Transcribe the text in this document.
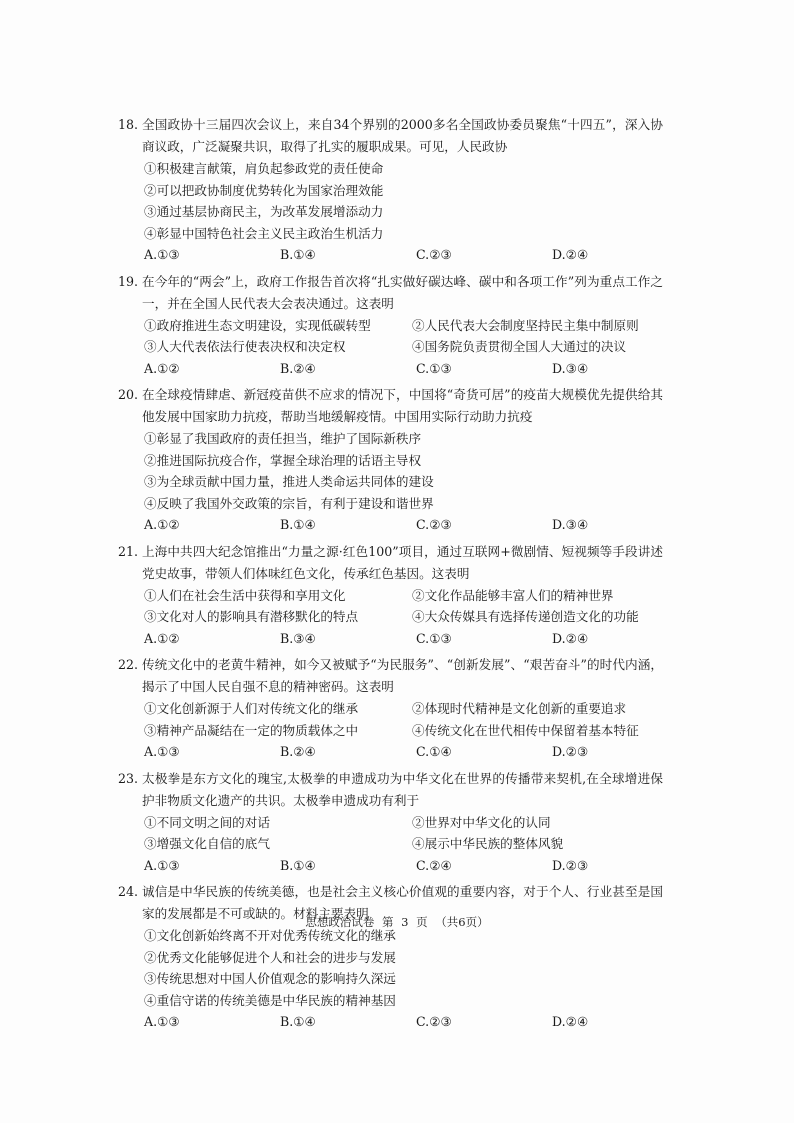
18. 全国政协十三届四次会议上，来自34个界别的2000多名全国政协委员聚焦“十四五”，深入协商议政，广泛凝聚共识，取得了扎实的履职成果。可见，人民政协
①积极建言献策，肩负起参政党的责任使命
②可以把政协制度优势转化为国家治理效能
③通过基层协商民主，为改革发展增添动力
④彰显中国特色社会主义民主政治生机活力
A.①③	B.①④	C.②③	D.②④
19. 在今年的“两会”上，政府工作报告首次将“扎实做好碳达峰、碳中和各项工作”列为重点工作之一，并在全国人民代表大会表决通过。这表明
①政府推进生态文明建设，实现低碳转型	②人民代表大会制度坚持民主集中制原则
③人大代表依法行使表决权和决定权	④国务院负责贯彻全国人大通过的决议
A.①②	B.②④	C.①③	D.③④
20. 在全球疫情肆虐、新冠疫苗供不应求的情况下，中国将“奇货可居”的疫苗大规模优先提供给其他发展中国家助力抗疫，帮助当地缓解疫情。中国用实际行动助力抗疫
①彰显了我国政府的责任担当，维护了国际新秩序
②推进国际抗疫合作，掌握全球治理的话语主导权
③为全球贡献中国力量，推进人类命运共同体的建设
④反映了我国外交政策的宗旨，有利于建设和谐世界
A.①②	B.①④	C.②③	D.③④
21. 上海中共四大纪念馆推出“力量之源·红色100”项目，通过互联网+微剧情、短视频等手段讲述党史故事，带领人们体味红色文化，传承红色基因。这表明
①人们在社会生活中获得和享用文化	②文化作品能够丰富人们的精神世界
③文化对人的影响具有潜移默化的特点	④大众传媒具有选择传递创造文化的功能
A.①②	B.③④	C.①③	D.②④
22. 传统文化中的老黄牛精神，如今又被赋予“为民服务”、“创新发展”、“艰苦奋斗”的时代内涵，揭示了中国人民自强不息的精神密码。这表明
①文化创新源于人们对传统文化的继承	②体现时代精神是文化创新的重要追求
③精神产品凝结在一定的物质载体之中	④传统文化在世代相传中保留着基本特征
A.①③	B.②④	C.①④	D.②③
23. 太极拳是东方文化的瑰宝,太极拳的申遗成功为中华文化在世界的传播带来契机,在全球增进保护非物质文化遗产的共识。太极拳申遗成功有利于
①不同文明之间的对话	②世界对中华文化的认同
③增强文化自信的底气	④展示中华民族的整体风貌
A.①③	B.①④	C.②④	D.②③
24. 诚信是中华民族的传统美德，也是社会主义核心价值观的重要内容，对于个人、行业甚至是国家的发展都是不可或缺的。材料主要表明
①文化创新始终离不开对优秀传统文化的继承
②优秀文化能够促进个人和社会的进步与发展
③传统思想对中国人价值观念的影响持久深远
④重信守诺的传统美德是中华民族的精神基因
A.①③	B.①④	C.②③	D.②④
思想政治试卷 第 3 页 （共6页）
